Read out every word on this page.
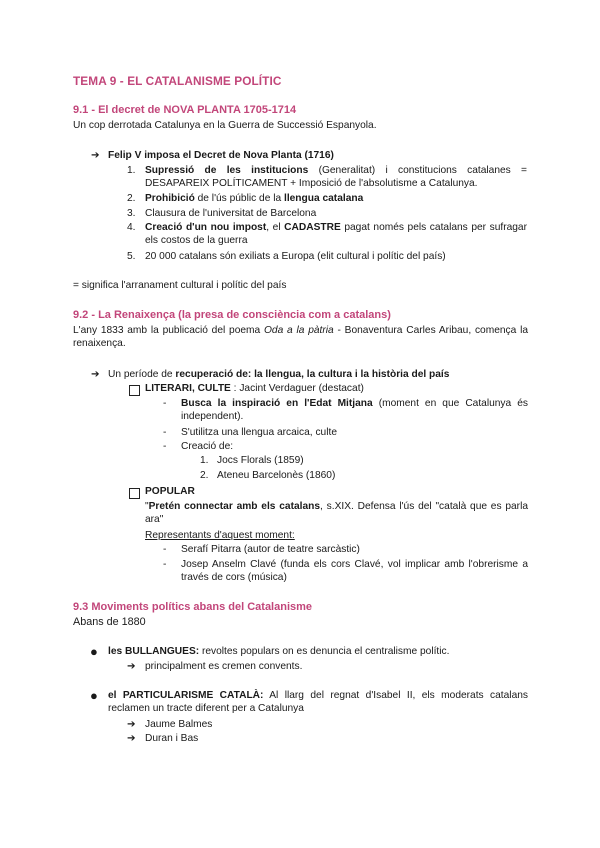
TEMA 9 - EL CATALANISME POLÍTIC
9.1 - El decret de NOVA PLANTA 1705-1714
Un cop derrotada Catalunya en la Guerra de Successió Espanyola.
➔ Felip V imposa el Decret de Nova Planta (1716)
1. Supressió de les institucions (Generalitat) i constitucions catalanes = DESAPAREIX POLÍTICAMENT + Imposició de l'absolutisme a Catalunya.
2. Prohibició de l'ús públic de la llengua catalana
3. Clausura de l'universitat de Barcelona
4. Creació d'un nou impost, el CADASTRE pagat només pels catalans per sufragar els costos de la guerra
5. 20 000 catalans són exiliats a Europa (elit cultural i polític del país)
= significa l'arranament cultural i polític del país
9.2 - La Renaixença (la presa de consciència com a catalans)
L'any 1833 amb la publicació del poema Oda a la pàtria - Bonaventura Carles Aribau, comença la renaixença.
➔ Un període de recuperació de: la llengua, la cultura i la història del país
LITERARI, CULTE : Jacint Verdaguer (destacat)
- Busca la inspiració en l'Edat Mitjana (moment en que Catalunya és independent).
- S'utilitza una llengua arcaica, culte
- Creació de:
1. Jocs Florals (1859)
2. Ateneu Barcelonès (1860)
POPULAR
"Pretén connectar amb els catalans, s.XIX. Defensa l'ús del "català que es parla ara"
Representants d'aquest moment:
- Serafí Pitarra (autor de teatre sarcàstic)
- Josep Anselm Clavé (funda els cors Clavé, vol implicar amb l'obrerisme a través de cors (música)
9.3 Moviments polítics abans del Catalanisme
Abans de 1880
● les BULLANGUES: revoltes populars on es denuncia el centralisme polític.
➔ principalment es cremen convents.
● el PARTICULARISME CATALÀ: Al llarg del regnat d'Isabel II, els moderats catalans reclamen un tracte diferent per a Catalunya
➔ Jaume Balmes
➔ Duran i Bas
